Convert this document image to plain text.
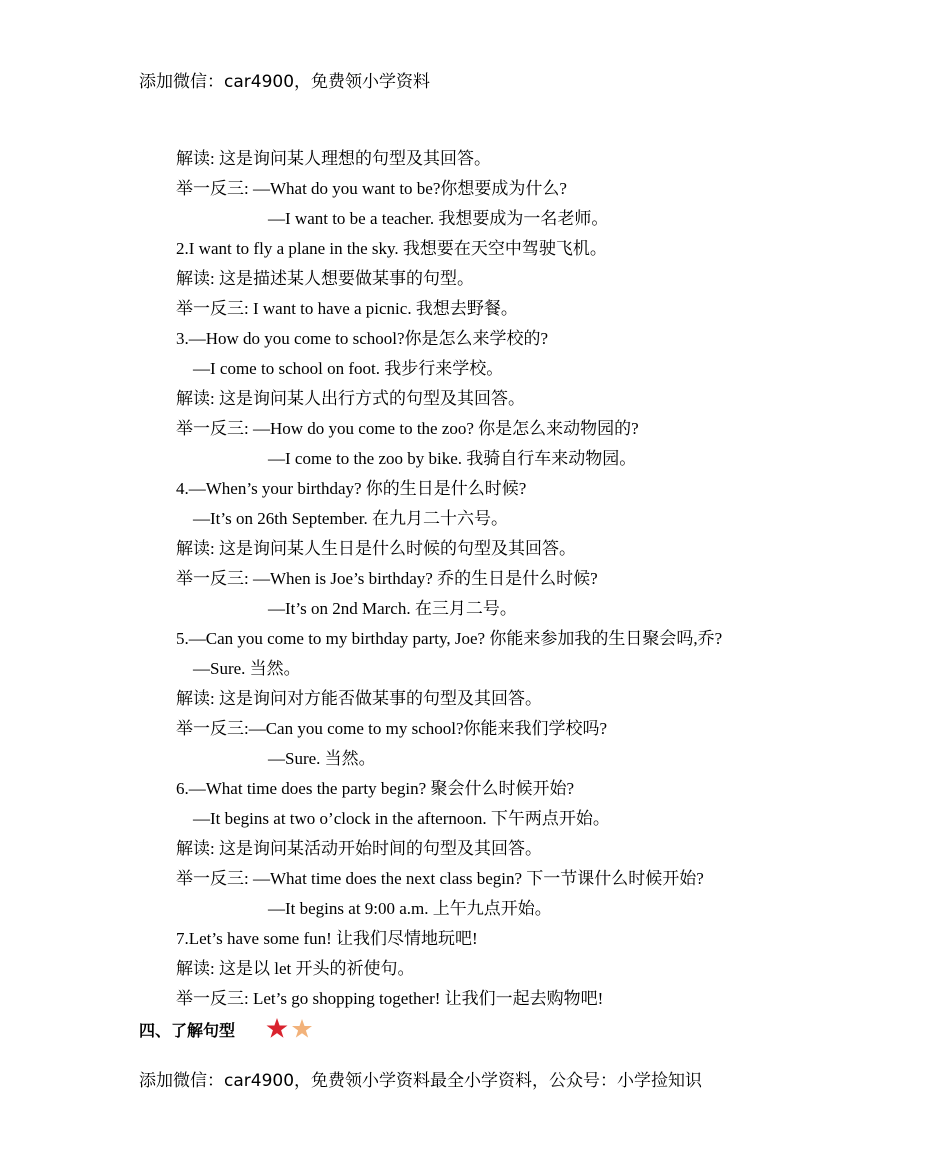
添加微信：car4900，免费领小学资料
解读: 这是询问某人理想的句型及其回答。
举一反三: —What do you want to be?你想要成为什么?
—I want to be a teacher. 我想要成为一名老师。
2.I want to fly a plane in the sky. 我想要在天空中驾驶飞机。
解读: 这是描述某人想要做某事的句型。
举一反三: I want to have a picnic. 我想去野餐。
3.—How do you come to school?你是怎么来学校的?
—I come to school on foot. 我步行来学校。
解读: 这是询问某人出行方式的句型及其回答。
举一反三: —How do you come to the zoo? 你是怎么来动物园的?
—I come to the zoo by bike. 我骑自行车来动物园。
4.—When’s your birthday? 你的生日是什么时候?
—It’s on 26th September. 在九月二十六号。
解读: 这是询问某人生日是什么时候的句型及其回答。
举一反三: —When is Joe’s birthday? 乔的生日是什么时候?
—It’s on 2nd March. 在三月二号。
5.—Can you come to my birthday party, Joe? 你能来参加我的生日聚会吗,乔?
—Sure. 当然。
解读: 这是询问对方能否做某事的句型及其回答。
举一反三:—Can you come to my school?你能来我们学校吗?
—Sure. 当然。
6.—What time does the party begin? 聚会什么时候开始?
—It begins at two o’clock in the afternoon. 下午两点开始。
解读: 这是询问某活动开始时间的句型及其回答。
举一反三: —What time does the next class begin? 下一节课什么时候开始?
—It begins at 9:00 a.m. 上午九点开始。
7.Let’s have some fun! 让我们尽情地玩吧!
解读: 这是以 let 开头的祈使句。
举一反三: Let’s go shopping together! 让我们一起去购物吧!
四、了解句型
添加微信：car4900，免费领小学资料最全小学资料，公众号：小学捡知识
